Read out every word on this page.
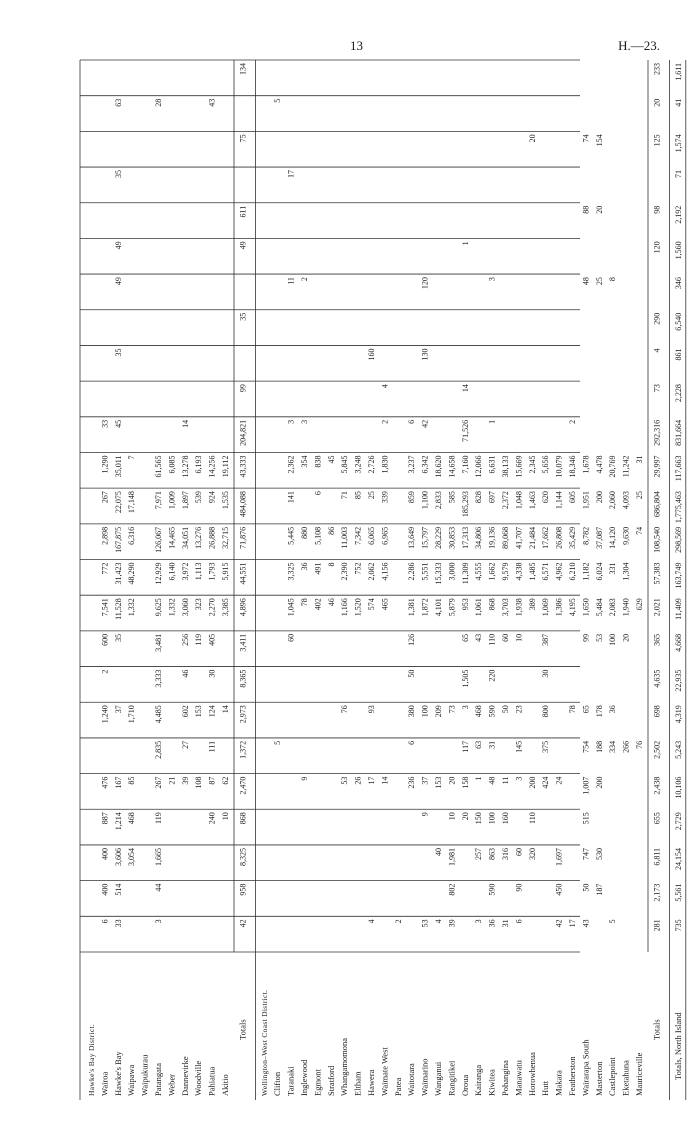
13	H.—23.
Hawke's Bay District. Wairoa
6
400
400
887
476
1,240
2
600
7,541
772
2,898
267
1,290
33
Hawke's Bay
33
514
3,606
1,214
167
37
35
11,528
31,423
167,875
22,075
35,011
45
35
49
49
35
63
Waipawa
3,054
468
85
1,710
1,332
48,290
6,316
17,148
7
Waipukurau Patangata
3
44
1,665
119
267
2,835
4,485
3,333
3,481
9,625
12,929
126,067
7,971
61,565
28
Weber
21
1,332
6,140
14,465
1,009
6,085
Dannevirke
39
27
602
46
256
3,060
3,972
34,051
1,897
13,278
14
Woodville
108
153
119
323
1,113
13,276
539
6,193
Pahiatua
240
87
111
124
30
405
2,270
1,793
26,888
924
14,256
43
Akitio
10
62
14
3,385
5,915
32,715
1,535
19,112
Totals
42
958
8,325
868
2,470
1,372
2,973
8,365
3,411
4,896
44,551
71,876
484,088
43,333
204,821
99
35
49
611
75
134
Wellington–West Coast District. Clifton
5
5
Taranaki
60
1,045
3,325
5,445
141
2,362
3
11
17
Inglewood
9
78
36
880
354
3
2
Egmont
402
491
5,108
6
838
Stratford
46
8
86
45
Whangamomona
53
76
1,166
2,390
11,003
71
5,845
Eltham
26
1,520
752
7,342
85
3,248
Hawera
4
17
93
574
2,062
6,065
25
2,726
160
Waimate West
14
465
4,156
6,965
339
1,830
2
4
Patea
2
Waitotara
236
6
380
50
126
1,381
2,286
13,649
859
3,237
6
Waimarino
53
9
37
100
1,872
5,551
15,797
1,100
6,342
42
130
120
Wanganui
4
40
153
209
4,101
15,333
28,229
2,833
18,620
Rangitikei
39
802
1,981
10
20
73
5,879
3,000
30,853
585
14,658
Oroua
20
158
117
3
1,505
65
953
11,309
17,313
185,293
7,160
71,526
14
1
Kairanga
3
257
150
1
63
468
43
1,061
4,555
34,806
828
12,066
Kiwitea
36
590
863
100
48
31
590
220
110
868
1,662
19,136
697
6,631
1
3
Pohangina
31
316
160
11
50
60
3,703
9,579
89,068
2,372
38,133
Manawatu
6
90
60
3
145
23
10
1,938
4,338
41,707
1,048
15,669
Horowhenua
320
110
200
389
1,485
21,484
1,463
2,345
20
Hutt
424
375
800
30
387
1,069
6,571
17,662
620
5,656
Makara
42
450
1,697
24
1,386
4,962
26,808
1,144
10,079
Featherston
17
78
4,195
6,210
35,429
605
18,346
2
Wairarapa South
43
50
747
515
1,007
754
65
99
1,650
1,182
8,782
1,951
1,678
48
88
74
Masterton
187
530
200
188
178
53
5,484
6,024
37,087
200
4,478
25
20
154
Castlepoint
5
334
36
100
2,083
331
14,120
2,060
20,769
8
Eketahuna
266
20
1,940
1,304
9,630
4,093
11,242
Mauriceville
76
629
74
25
31
Totals
281
2,173
6,811
655
2,438
2,502
698
4,635
365
2,021
57,383
108,540
686,804
29,997
292,316
73
4
290
120
98
125
20
233
Totals, North Island
735
5,561
24,154
2,729
10,106
5,243
4,319
22,935
4,668
11,409
163,749
298,569
1,775,463
117,663
831,664
2,228
861
6,540
346
1,560
2,192
71
1,574
41
1,611
